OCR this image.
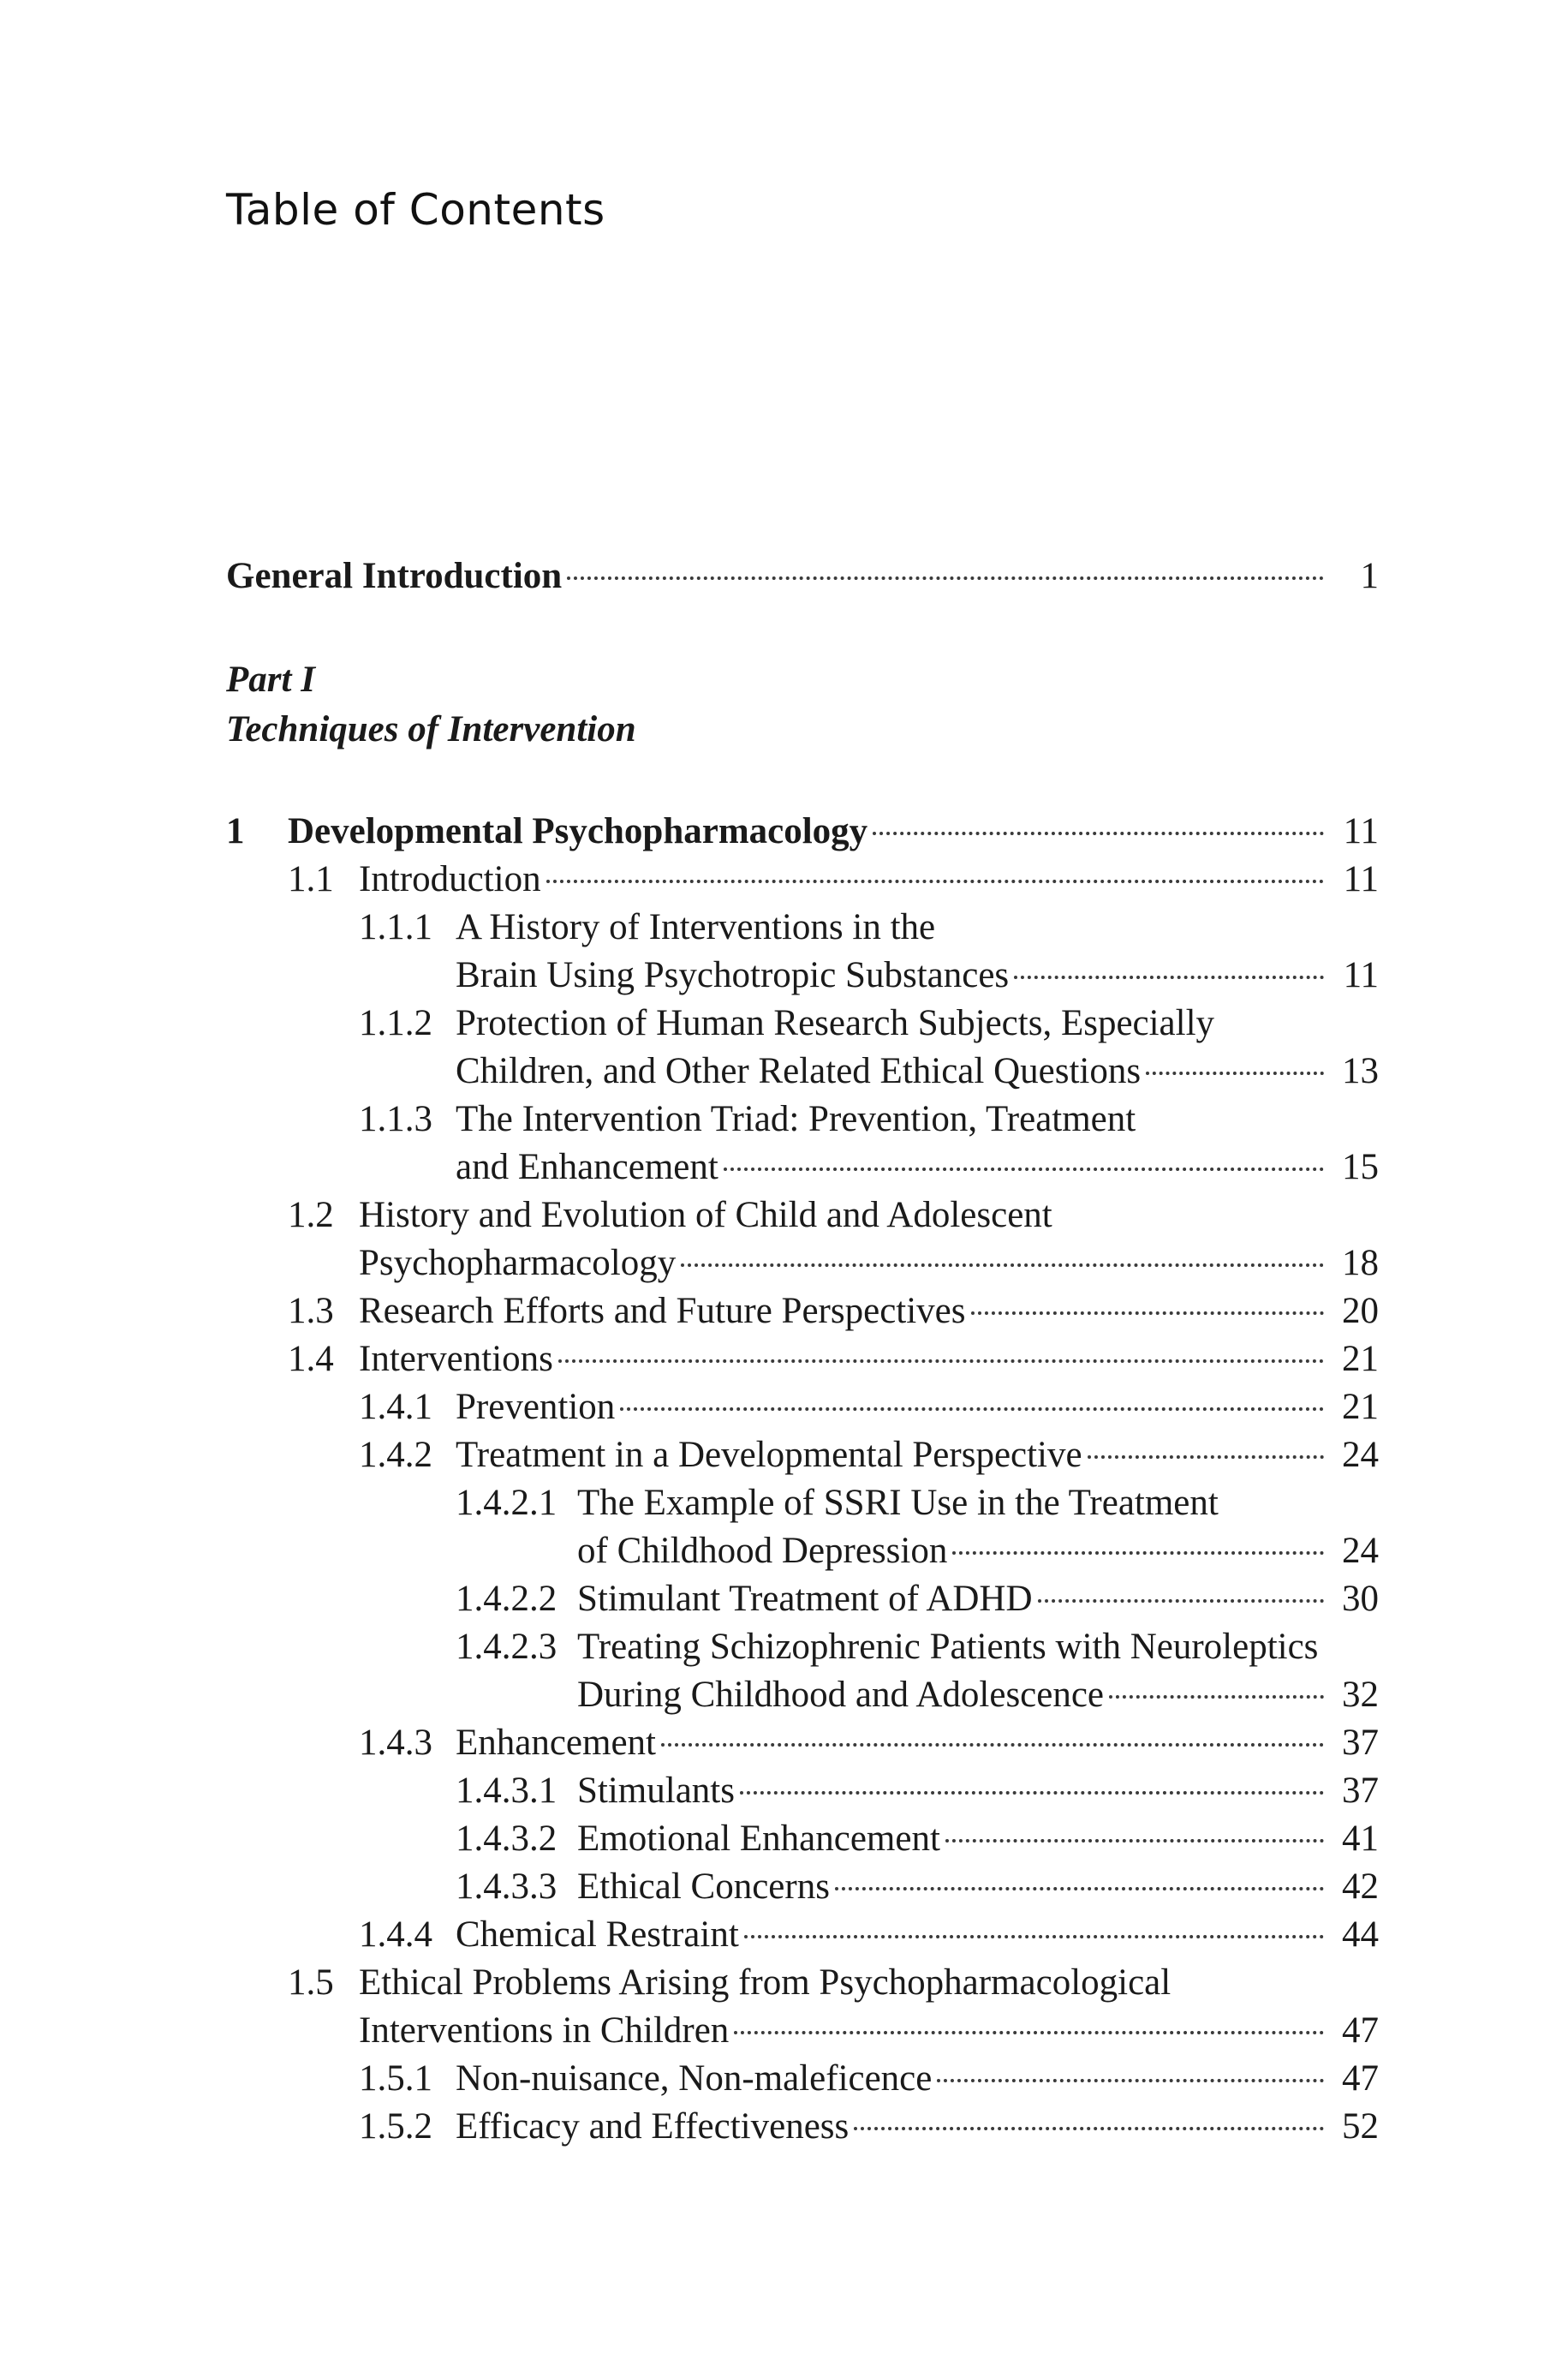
Table of Contents
General Introduction	1
Part I
Techniques of Intervention
1 Developmental Psychopharmacology	11
1.1 Introduction	11
1.1.1 A History of Interventions in the
Brain Using Psychotropic Substances	11
1.1.2 Protection of Human Research Subjects, Especially
Children, and Other Related Ethical Questions	13
1.1.3 The Intervention Triad: Prevention, Treatment
and Enhancement	15
1.2 History and Evolution of Child and Adolescent
Psychopharmacology	18
1.3 Research Efforts and Future Perspectives	20
1.4 Interventions	21
1.4.1 Prevention	21
1.4.2 Treatment in a Developmental Perspective	24
1.4.2.1 The Example of SSRI Use in the Treatment
of Childhood Depression	24
1.4.2.2 Stimulant Treatment of ADHD	30
1.4.2.3 Treating Schizophrenic Patients with Neuroleptics
During Childhood and Adolescence	32
1.4.3 Enhancement	37
1.4.3.1 Stimulants	37
1.4.3.2 Emotional Enhancement	41
1.4.3.3 Ethical Concerns	42
1.4.4 Chemical Restraint	44
1.5 Ethical Problems Arising from Psychopharmacological
Interventions in Children	47
1.5.1 Non-nuisance, Non-maleficence	47
1.5.2 Efficacy and Effectiveness	52
